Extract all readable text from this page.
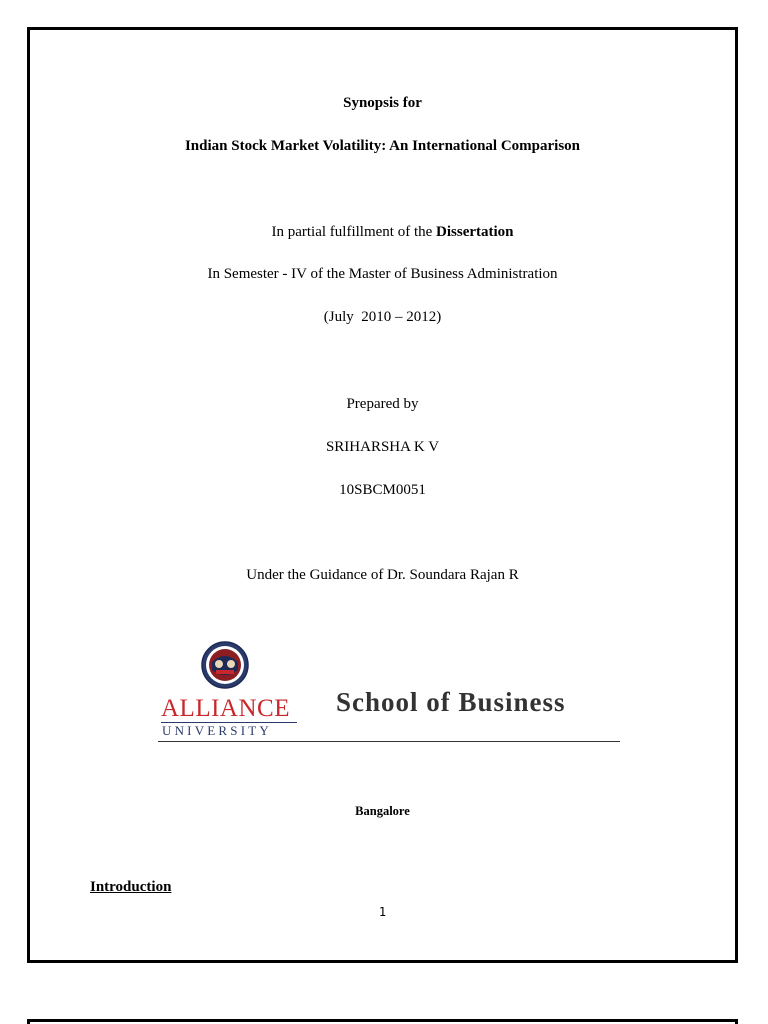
Synopsis for
Indian Stock Market Volatility: An International Comparison
In partial fulfillment of the Dissertation
In Semester - IV of the Master of Business Administration
(July  2010 – 2012)
Prepared by
SRIHARSHA K V
10SBCM0051
Under the Guidance of Dr. Soundara Rajan R
ALLIANCE
UNIVERSITY
School of Business
Bangalore
Introduction
1
